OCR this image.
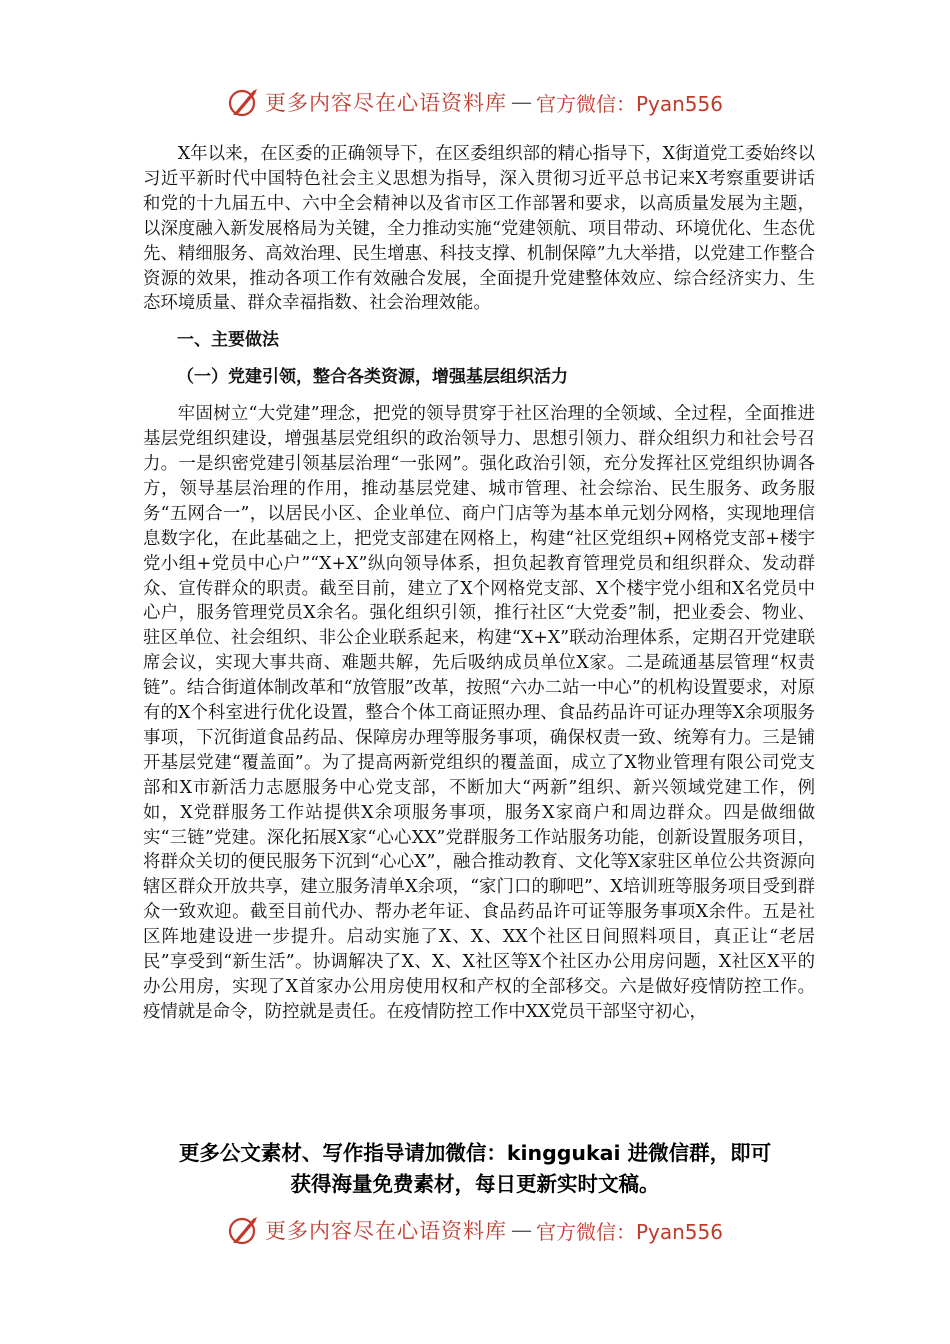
更多内容尽在心语资料库 — 官方微信：Pyan556

X年以来，在区委的正确领导下，在区委组织部的精心指导下，X街道党工委始终以习近平新时代中国特色社会主义思想为指导，深入贯彻习近平总书记来X考察重要讲话和党的十九届五中、六中全会精神以及省市区工作部署和要求，以高质量发展为主题，以深度融入新发展格局为关键，全力推动实施“党建领航、项目带动、环境优化、生态优先、精细服务、高效治理、民生增惠、科技支撑、机制保障”九大举措，以党建工作整合资源的效果，推动各项工作有效融合发展，全面提升党建整体效应、综合经济实力、生态环境质量、群众幸福指数、社会治理效能。

一、主要做法

（一）党建引领，整合各类资源，增强基层组织活力

牢固树立“大党建”理念，把党的领导贯穿于社区治理的全领域、全过程，全面推进基层党组织建设，增强基层党组织的政治领导力、思想引领力、群众组织力和社会号召力。一是织密党建引领基层治理“一张网”。强化政治引领，充分发挥社区党组织协调各方，领导基层治理的作用，推动基层党建、城市管理、社会综治、民生服务、政务服务“五网合一”，以居民小区、企业单位、商户门店等为基本单元划分网格，实现地理信息数字化，在此基础之上，把党支部建在网格上，构建“社区党组织+网格党支部+楼宇党小组+党员中心户”“X+X”纵向领导体系，担负起教育管理党员和组织群众、发动群众、宣传群众的职责。截至目前，建立了X个网格党支部、X个楼宇党小组和X名党员中心户，服务管理党员X余名。强化组织引领，推行社区“大党委”制，把业委会、物业、驻区单位、社会组织、非公企业联系起来，构建“X+X”联动治理体系，定期召开党建联席会议，实现大事共商、难题共解，先后吸纳成员单位X家。二是疏通基层管理“权责链”。结合街道体制改革和“放管服”改革，按照“六办二站一中心”的机构设置要求，对原有的X个科室进行优化设置，整合个体工商证照办理、食品药品许可证办理等X余项服务事项，下沉街道食品药品、保障房办理等服务事项，确保权责一致、统筹有力。三是铺开基层党建“覆盖面”。为了提高两新党组织的覆盖面，成立了X物业管理有限公司党支部和X市新活力志愿服务中心党支部，不断加大“两新”组织、新兴领域党建工作，例如，X党群服务工作站提供X余项服务事项，服务X家商户和周边群众。四是做细做实“三链”党建。深化拓展X家“心心XX”党群服务工作站服务功能，创新设置服务项目，将群众关切的便民服务下沉到“心心X”，融合推动教育、文化等X家驻区单位公共资源向辖区群众开放共享，建立服务清单X余项，“家门口的聊吧”、X培训班等服务项目受到群众一致欢迎。截至目前代办、帮办老年证、食品药品许可证等服务事项X余件。五是社区阵地建设进一步提升。启动实施了X、X、XX个社区日间照料项目，真正让“老居民”享受到“新生活”。协调解决了X、X、X社区等X个社区办公用房问题，X社区X平的办公用房，实现了X首家办公用房使用权和产权的全部移交。六是做好疫情防控工作。疫情就是命令，防控就是责任。在疫情防控工作中XX党员干部坚守初心，

更多公文素材、写作指导请加微信：kinggukai 进微信群，即可
获得海量免费素材，每日更新实时文稿。
更多内容尽在心语资料库 — 官方微信：Pyan556
